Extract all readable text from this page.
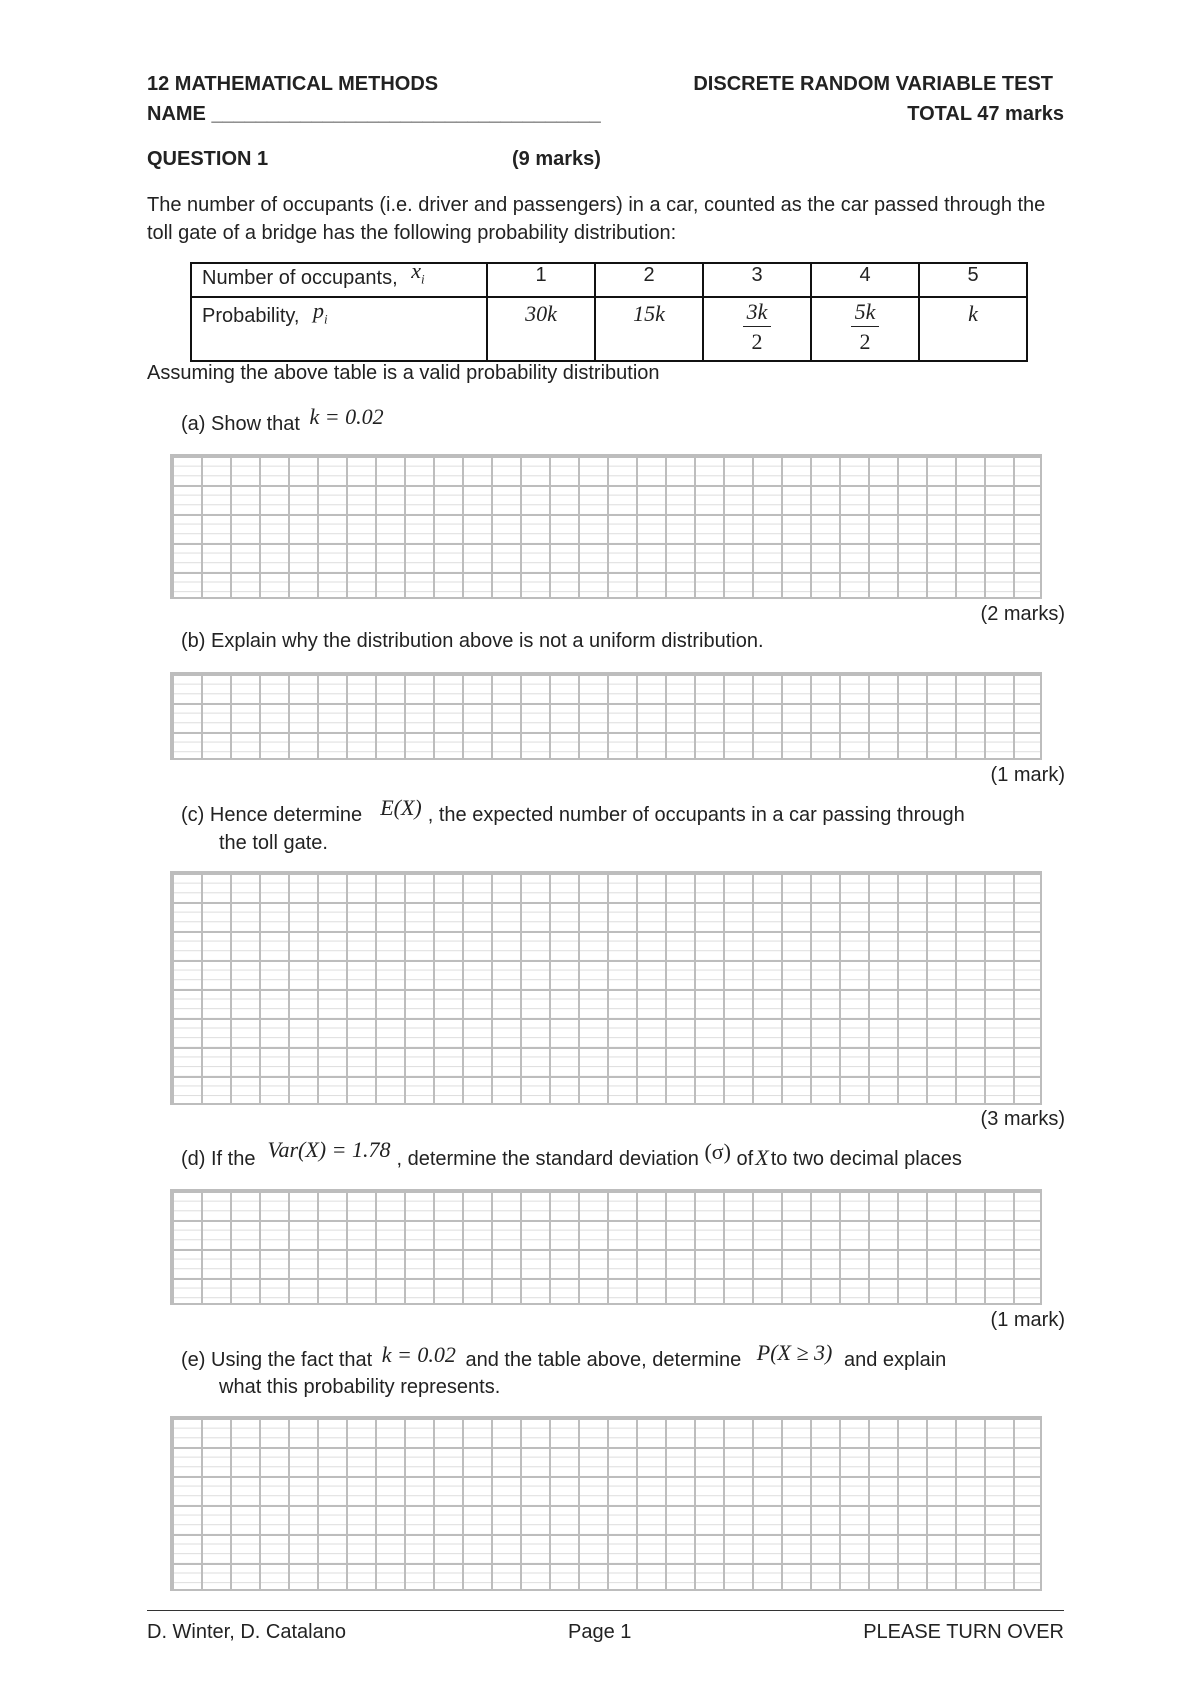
12 MATHEMATICAL METHODS	DISCRETE RANDOM VARIABLE TEST
NAME ___________________________________	TOTAL 47 marks
QUESTION 1	(9 marks)
The number of occupants (i.e. driver and passengers) in a car, counted as the car passed through the toll gate of a bridge has the following probability distribution:
Number of occupants, $x_i$	1	2	3	4	5
Probability, $p_i$	30k	15k	$\frac{3k}{2}$	$\frac{5k}{2}$	k
Assuming the above table is a valid probability distribution
(a) Show that k = 0.02
(2 marks)
(b) Explain why the distribution above is not a uniform distribution.
(1 mark)
(c) Hence determine E(X) , the expected number of occupants in a car passing through
the toll gate.
(3 marks)
(d) If the Var(X) = 1.78 , determine the standard deviation (σ) ofX to two decimal places
(1 mark)
(e) Using the fact that k = 0.02 and the table above, determine P(X ≥ 3) and explain
what this probability represents.
D. Winter, D. Catalano	Page 1	PLEASE TURN OVER
